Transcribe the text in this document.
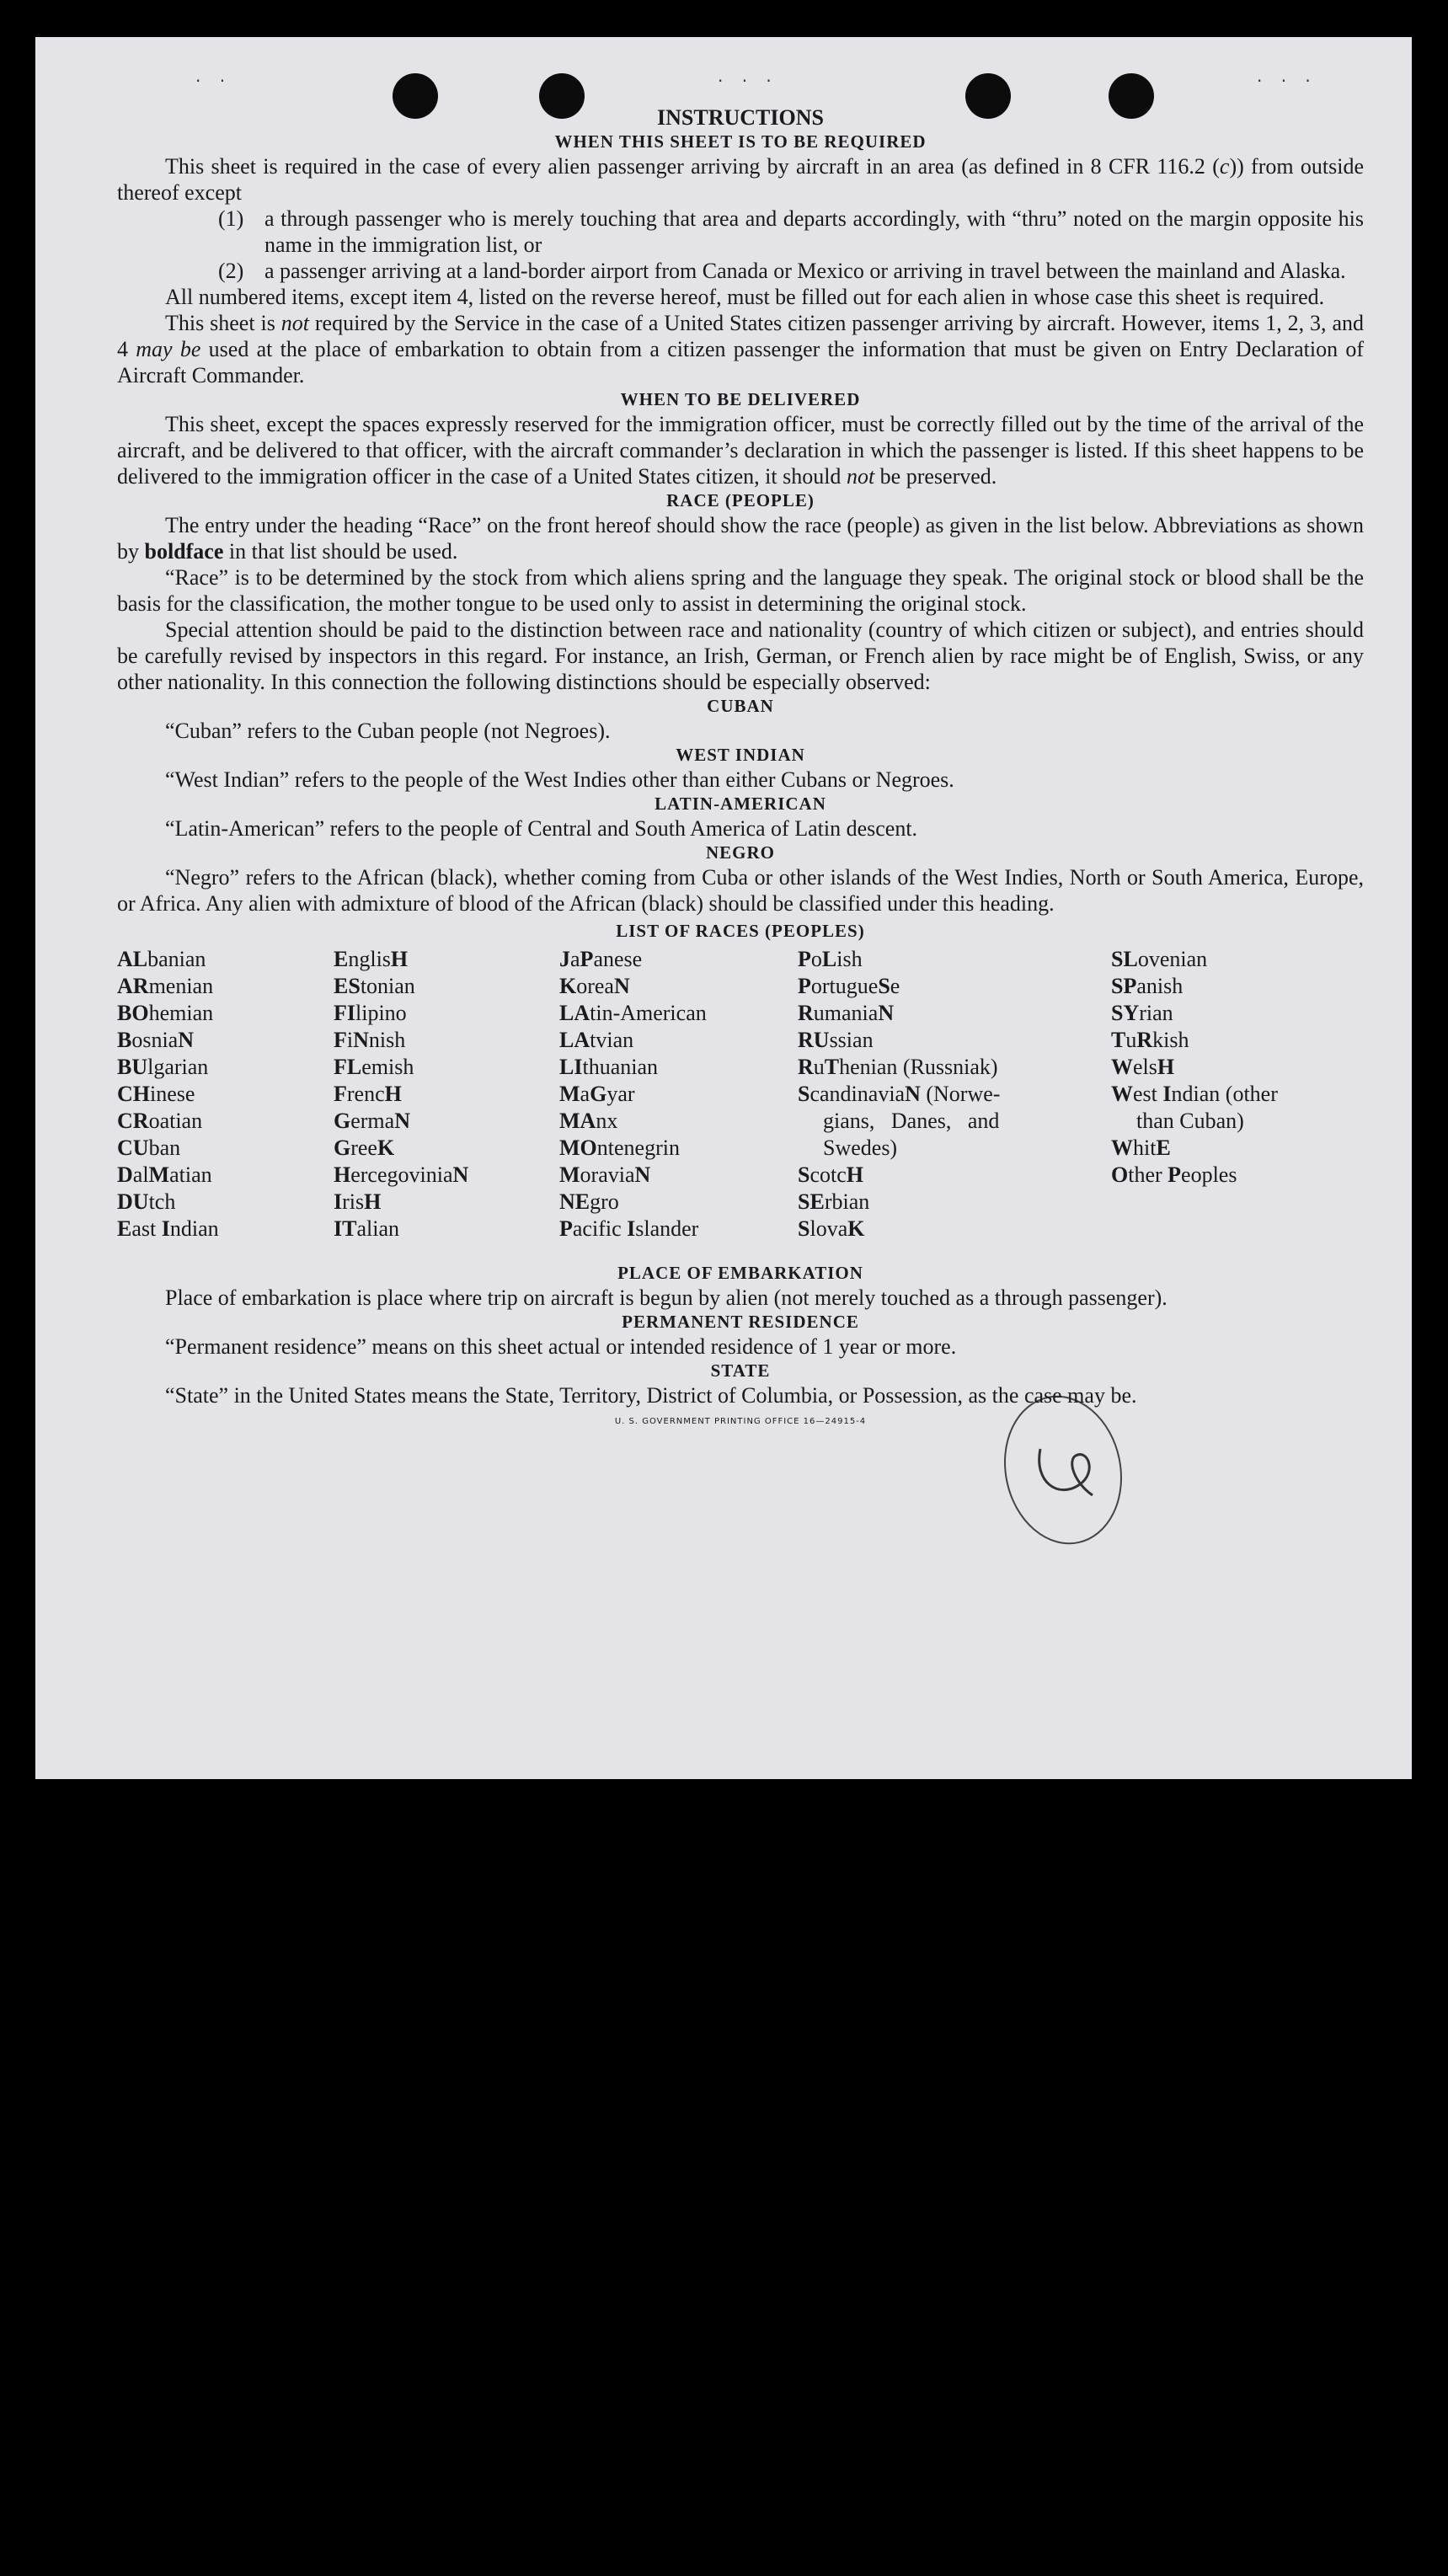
. .	. . .	. . .

INSTRUCTIONS

WHEN THIS SHEET IS TO BE REQUIRED

This sheet is required in the case of every alien passenger arriving by aircraft in an area (as defined in 8 CFR 116.2 (c)) from outside thereof except

(1) a through passenger who is merely touching that area and departs accordingly, with “thru” noted on the margin opposite his name in the immigration list, or
(2) a passenger arriving at a land-border airport from Canada or Mexico or arriving in travel between the mainland and Alaska.

All numbered items, except item 4, listed on the reverse hereof, must be filled out for each alien in whose case this sheet is required.

This sheet is not required by the Service in the case of a United States citizen passenger arriving by aircraft. However, items 1, 2, 3, and 4 may be used at the place of embarkation to obtain from a citizen passenger the information that must be given on Entry Declaration of Aircraft Commander.

WHEN TO BE DELIVERED

This sheet, except the spaces expressly reserved for the immigration officer, must be correctly filled out by the time of the arrival of the aircraft, and be delivered to that officer, with the aircraft commander’s declaration in which the passenger is listed. If this sheet happens to be delivered to the immigration officer in the case of a United States citizen, it should not be preserved.

RACE (PEOPLE)

The entry under the heading “Race” on the front hereof should show the race (people) as given in the list below. Abbreviations as shown by boldface in that list should be used.

“Race” is to be determined by the stock from which aliens spring and the language they speak. The original stock or blood shall be the basis for the classification, the mother tongue to be used only to assist in determining the original stock.

Special attention should be paid to the distinction between race and nationality (country of which citizen or subject), and entries should be carefully revised by inspectors in this regard. For instance, an Irish, German, or French alien by race might be of English, Swiss, or any other nationality. In this connection the following distinctions should be especially observed:

CUBAN

“Cuban” refers to the Cuban people (not Negroes).

WEST INDIAN

“West Indian” refers to the people of the West Indies other than either Cubans or Negroes.

LATIN-AMERICAN

“Latin-American” refers to the people of Central and South America of Latin descent.

NEGRO

“Negro” refers to the African (black), whether coming from Cuba or other islands of the West Indies, North or South America, Europe, or Africa. Any alien with admixture of blood of the African (black) should be classified under this heading.

LIST OF RACES (PEOPLES)

ALbanian
ARmenian
BOhemian
BosniaN
BUlgarian
CHinese
CRoatian
CUban
DalMatian
DUtch
East Indian
EnglisH
EStonian
FIlipino
FiNnish
FLemish
FrencH
GermaN
GreeK
HercegoviniaN
IrisH
ITalian
JaPanese
KoreaN
LAtin-American
LAtvian
LIthuanian
MaGyar
MAnx
MOntenegrin
MoraviaN
NEgro
Pacific Islander
PoLish
PortugueSe
RumaniaN
RUssian
RuThenian (Russniak)
ScandinaviaN (Norwe-
gians,   Danes,   and
Swedes)
ScotcH
SErbian
SlovaK
SLovenian
SPanish
SYrian
TuRkish
WelsH
West Indian (other
than Cuban)
WhitE
Other Peoples

PLACE OF EMBARKATION

Place of embarkation is place where trip on aircraft is begun by alien (not merely touched as a through passenger).

PERMANENT RESIDENCE

“Permanent residence” means on this sheet actual or intended residence of 1 year or more.

STATE

“State” in the United States means the State, Territory, District of Columbia, or Possession, as the case may be.

U. S. GOVERNMENT PRINTING OFFICE 16—24915-4
